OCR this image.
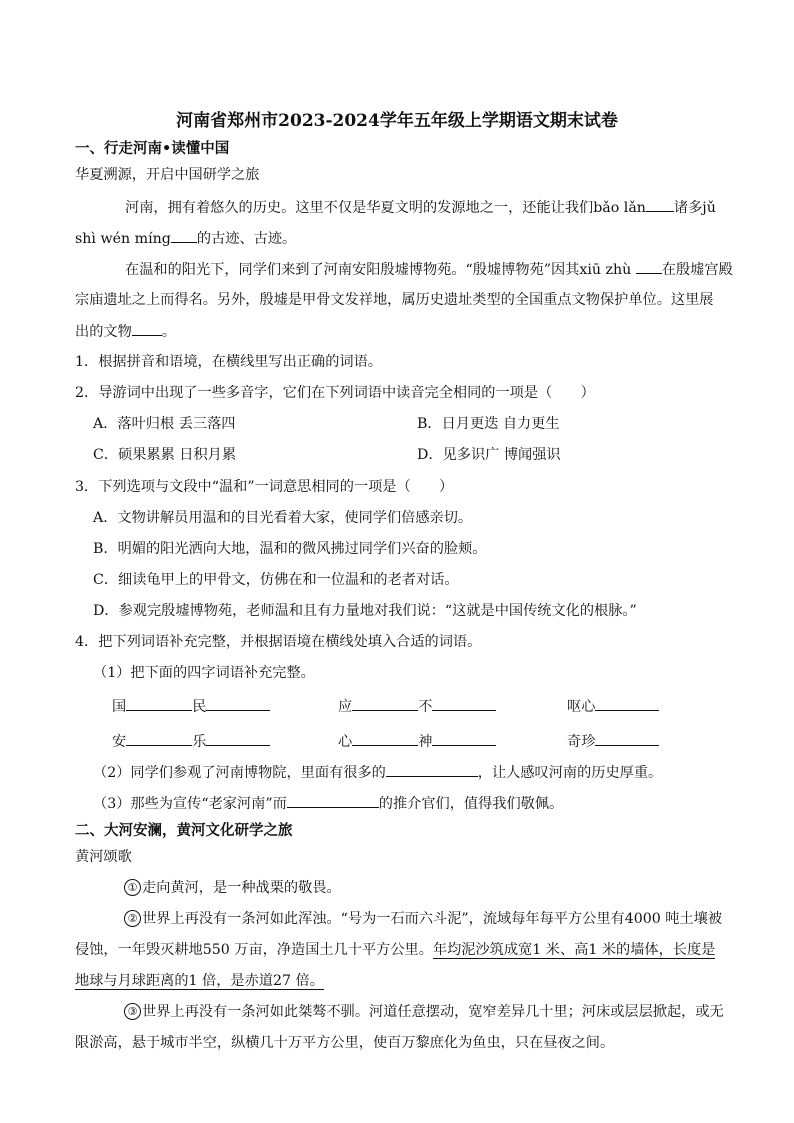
河南省郑州市2023-2024学年五年级上学期语文期末试卷
一、行走河南•读懂中国
华夏溯源，开启中国研学之旅
河南，拥有着悠久的历史。这里不仅是华夏文明的发源地之一，还能让我们bǎo lǎn 诸多jǔ
shì wén míng 的古迹、古迹。
在温和的阳光下，同学们来到了河南安阳殷墟博物苑。“殷墟博物苑”因其xiū zhù 在殷墟宫殿
宗庙遗址之上而得名。另外，殷墟是甲骨文发祥地，属历史遗址类型的全国重点文物保护单位。这里展
出的文物 。
1．根据拼音和语境，在横线里写出正确的词语。
2．导游词中出现了一些多音字，它们在下列词语中读音完全相同的一项是（　　）
A．落叶归根 丢三落四	B．日月更迭 自力更生
C．硕果累累 日积月累	D．见多识广 博闻强识
3．下列选项与文段中“温和”一词意思相同的一项是（　　）
A．文物讲解员用温和的目光看着大家，使同学们倍感亲切。
B．明媚的阳光洒向大地，温和的微风拂过同学们兴奋的脸颊。
C．细读龟甲上的甲骨文，仿佛在和一位温和的老者对话。
D．参观完殷墟博物苑，老师温和且有力量地对我们说：“这就是中国传统文化的根脉。”
4．把下列词语补充完整，并根据语境在横线处填入合适的词语。
（1）把下面的四字词语补充完整。
国	民	应	不	呕心
安	乐	心	神	奇珍
（2）同学们参观了河南博物院，里面有很多的	，让人感叹河南的历史厚重。
（3）那些为宣传“老家河南”而	的推介官们，值得我们敬佩。
二、大河安澜，黄河文化研学之旅
黄河颂歌
① 走向黄河，是一种战栗的敬畏。
② 世界上再没有一条河如此浑浊。“号为一石而六斗泥”，流域每年每平方公里有4000 吨土壤被
侵蚀，一年毁灭耕地550 万亩，净造国土几十平方公里。年均泥沙筑成宽1 米、高1 米的墙体，长度是
地球与月球距离的1 倍，是赤道27 倍。
③ 世界上再没有一条河如此桀骜不驯。河道任意摆动，宽窄差异几十里；河床或层层掀起，或无
限淤高，悬于城市半空，纵横几十万平方公里，使百万黎庶化为鱼虫，只在昼夜之间。
